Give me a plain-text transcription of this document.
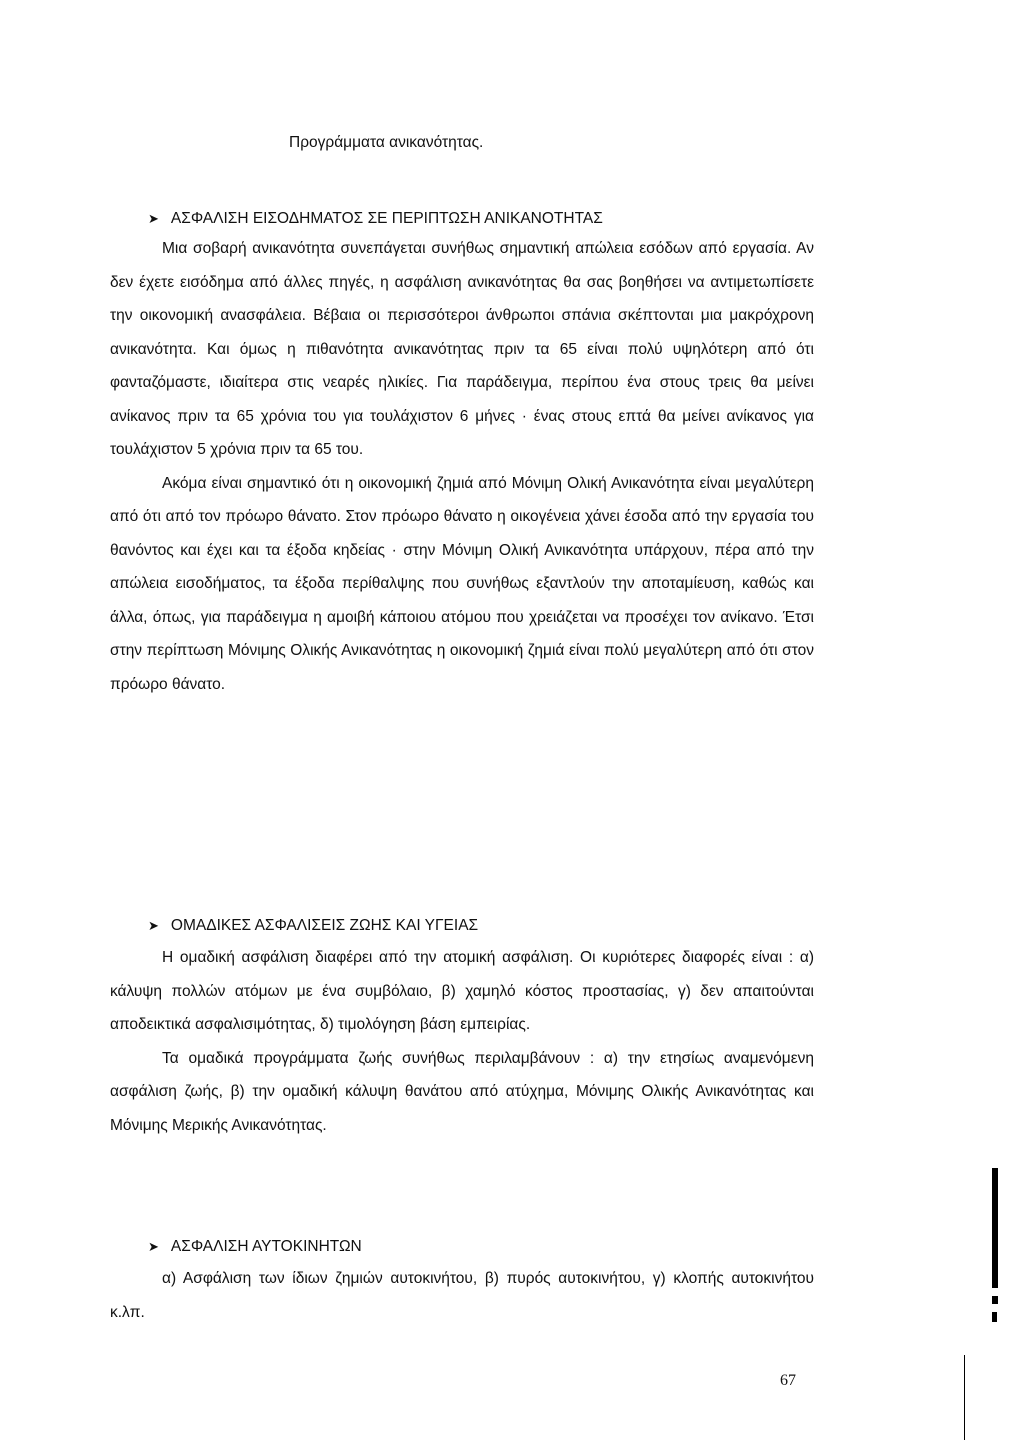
Προγράμματα ανικανότητας.
➤ ΑΣΦΑΛΙΣΗ ΕΙΣΟΔΗΜΑΤΟΣ ΣΕ ΠΕΡΙΠΤΩΣΗ ΑΝΙΚΑΝΟΤΗΤΑΣ

Μια σοβαρή ανικανότητα συνεπάγεται συνήθως σημαντική απώλεια εσόδων από εργασία. Αν δεν έχετε εισόδημα από άλλες πηγές, η ασφάλιση ανικανότητας θα σας βοηθήσει να αντιμετωπίσετε την οικονομική ανασφάλεια. Βέβαια οι περισσότεροι άνθρωποι σπάνια σκέπτονται μια μακρόχρονη ανικανότητα. Και όμως η πιθανότητα ανικανότητας πριν τα 65 είναι πολύ υψηλότερη από ότι φανταζόμαστε, ιδιαίτερα στις νεαρές ηλικίες. Για παράδειγμα, περίπου ένα στους τρεις θα μείνει ανίκανος πριν τα 65 χρόνια του για τουλάχιστον 6 μήνες · ένας στους επτά θα μείνει ανίκανος για τουλάχιστον 5 χρόνια πριν τα 65 του.

Ακόμα είναι σημαντικό ότι η οικονομική ζημιά από Μόνιμη Ολική Ανικανότητα είναι μεγαλύτερη από ότι από τον πρόωρο θάνατο. Στον πρόωρο θάνατο η οικογένεια χάνει έσοδα από την εργασία του θανόντος και έχει και τα έξοδα κηδείας · στην Μόνιμη Ολική Ανικανότητα υπάρχουν, πέρα από την απώλεια εισοδήματος, τα έξοδα περίθαλψης που συνήθως εξαντλούν την αποταμίευση, καθώς και άλλα, όπως, για παράδειγμα η αμοιβή κάποιου ατόμου που χρειάζεται να προσέχει τον ανίκανο. Έτσι στην περίπτωση Μόνιμης Ολικής Ανικανότητας η οικονομική ζημιά είναι πολύ μεγαλύτερη από ότι στον πρόωρο θάνατο.

➤ ΟΜΑΔΙΚΕΣ ΑΣΦΑΛΙΣΕΙΣ ΖΩΗΣ ΚΑΙ ΥΓΕΙΑΣ

Η ομαδική ασφάλιση διαφέρει από την ατομική ασφάλιση. Οι κυριότερες διαφορές είναι : α) κάλυψη πολλών ατόμων με ένα συμβόλαιο, β) χαμηλό κόστος προστασίας, γ) δεν απαιτούνται αποδεικτικά ασφαλισιμότητας, δ) τιμολόγηση βάση εμπειρίας.

Τα ομαδικά προγράμματα ζωής συνήθως περιλαμβάνουν : α) την ετησίως αναμενόμενη ασφάλιση ζωής, β) την ομαδική κάλυψη θανάτου από ατύχημα, Μόνιμης Ολικής Ανικανότητας και Μόνιμης Μερικής Ανικανότητας.

➤ ΑΣΦΑΛΙΣΗ ΑΥΤΟΚΙΝΗΤΩΝ

α) Ασφάλιση των ίδιων ζημιών αυτοκινήτου, β) πυρός αυτοκινήτου, γ) κλοπής αυτοκινήτου κ.λπ.

67
